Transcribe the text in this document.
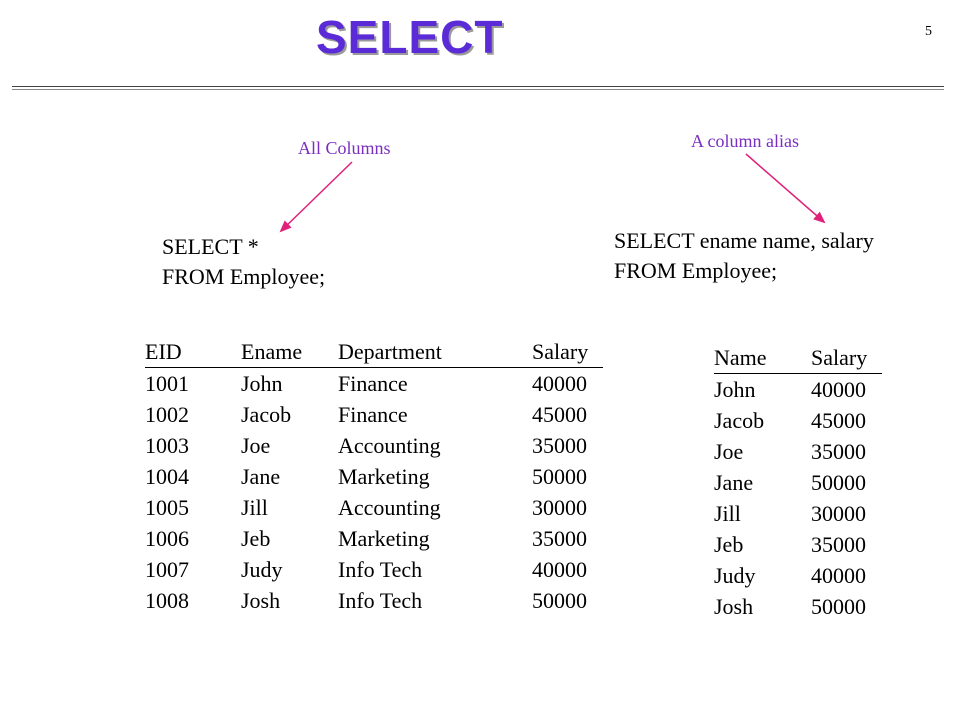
SELECT	5
All Columns	A column alias
SELECT *
FROM Employee;
SELECT ename name, salary
FROM Employee;
EID	Ename	Department	Salary
1001	John	Finance	40000
1002	Jacob	Finance	45000
1003	Joe	Accounting	35000
1004	Jane	Marketing	50000
1005	Jill	Accounting	30000
1006	Jeb	Marketing	35000
1007	Judy	Info Tech	40000
1008	Josh	Info Tech	50000
Name	Salary
John	40000
Jacob	45000
Joe	35000
Jane	50000
Jill	30000
Jeb	35000
Judy	40000
Josh	50000
